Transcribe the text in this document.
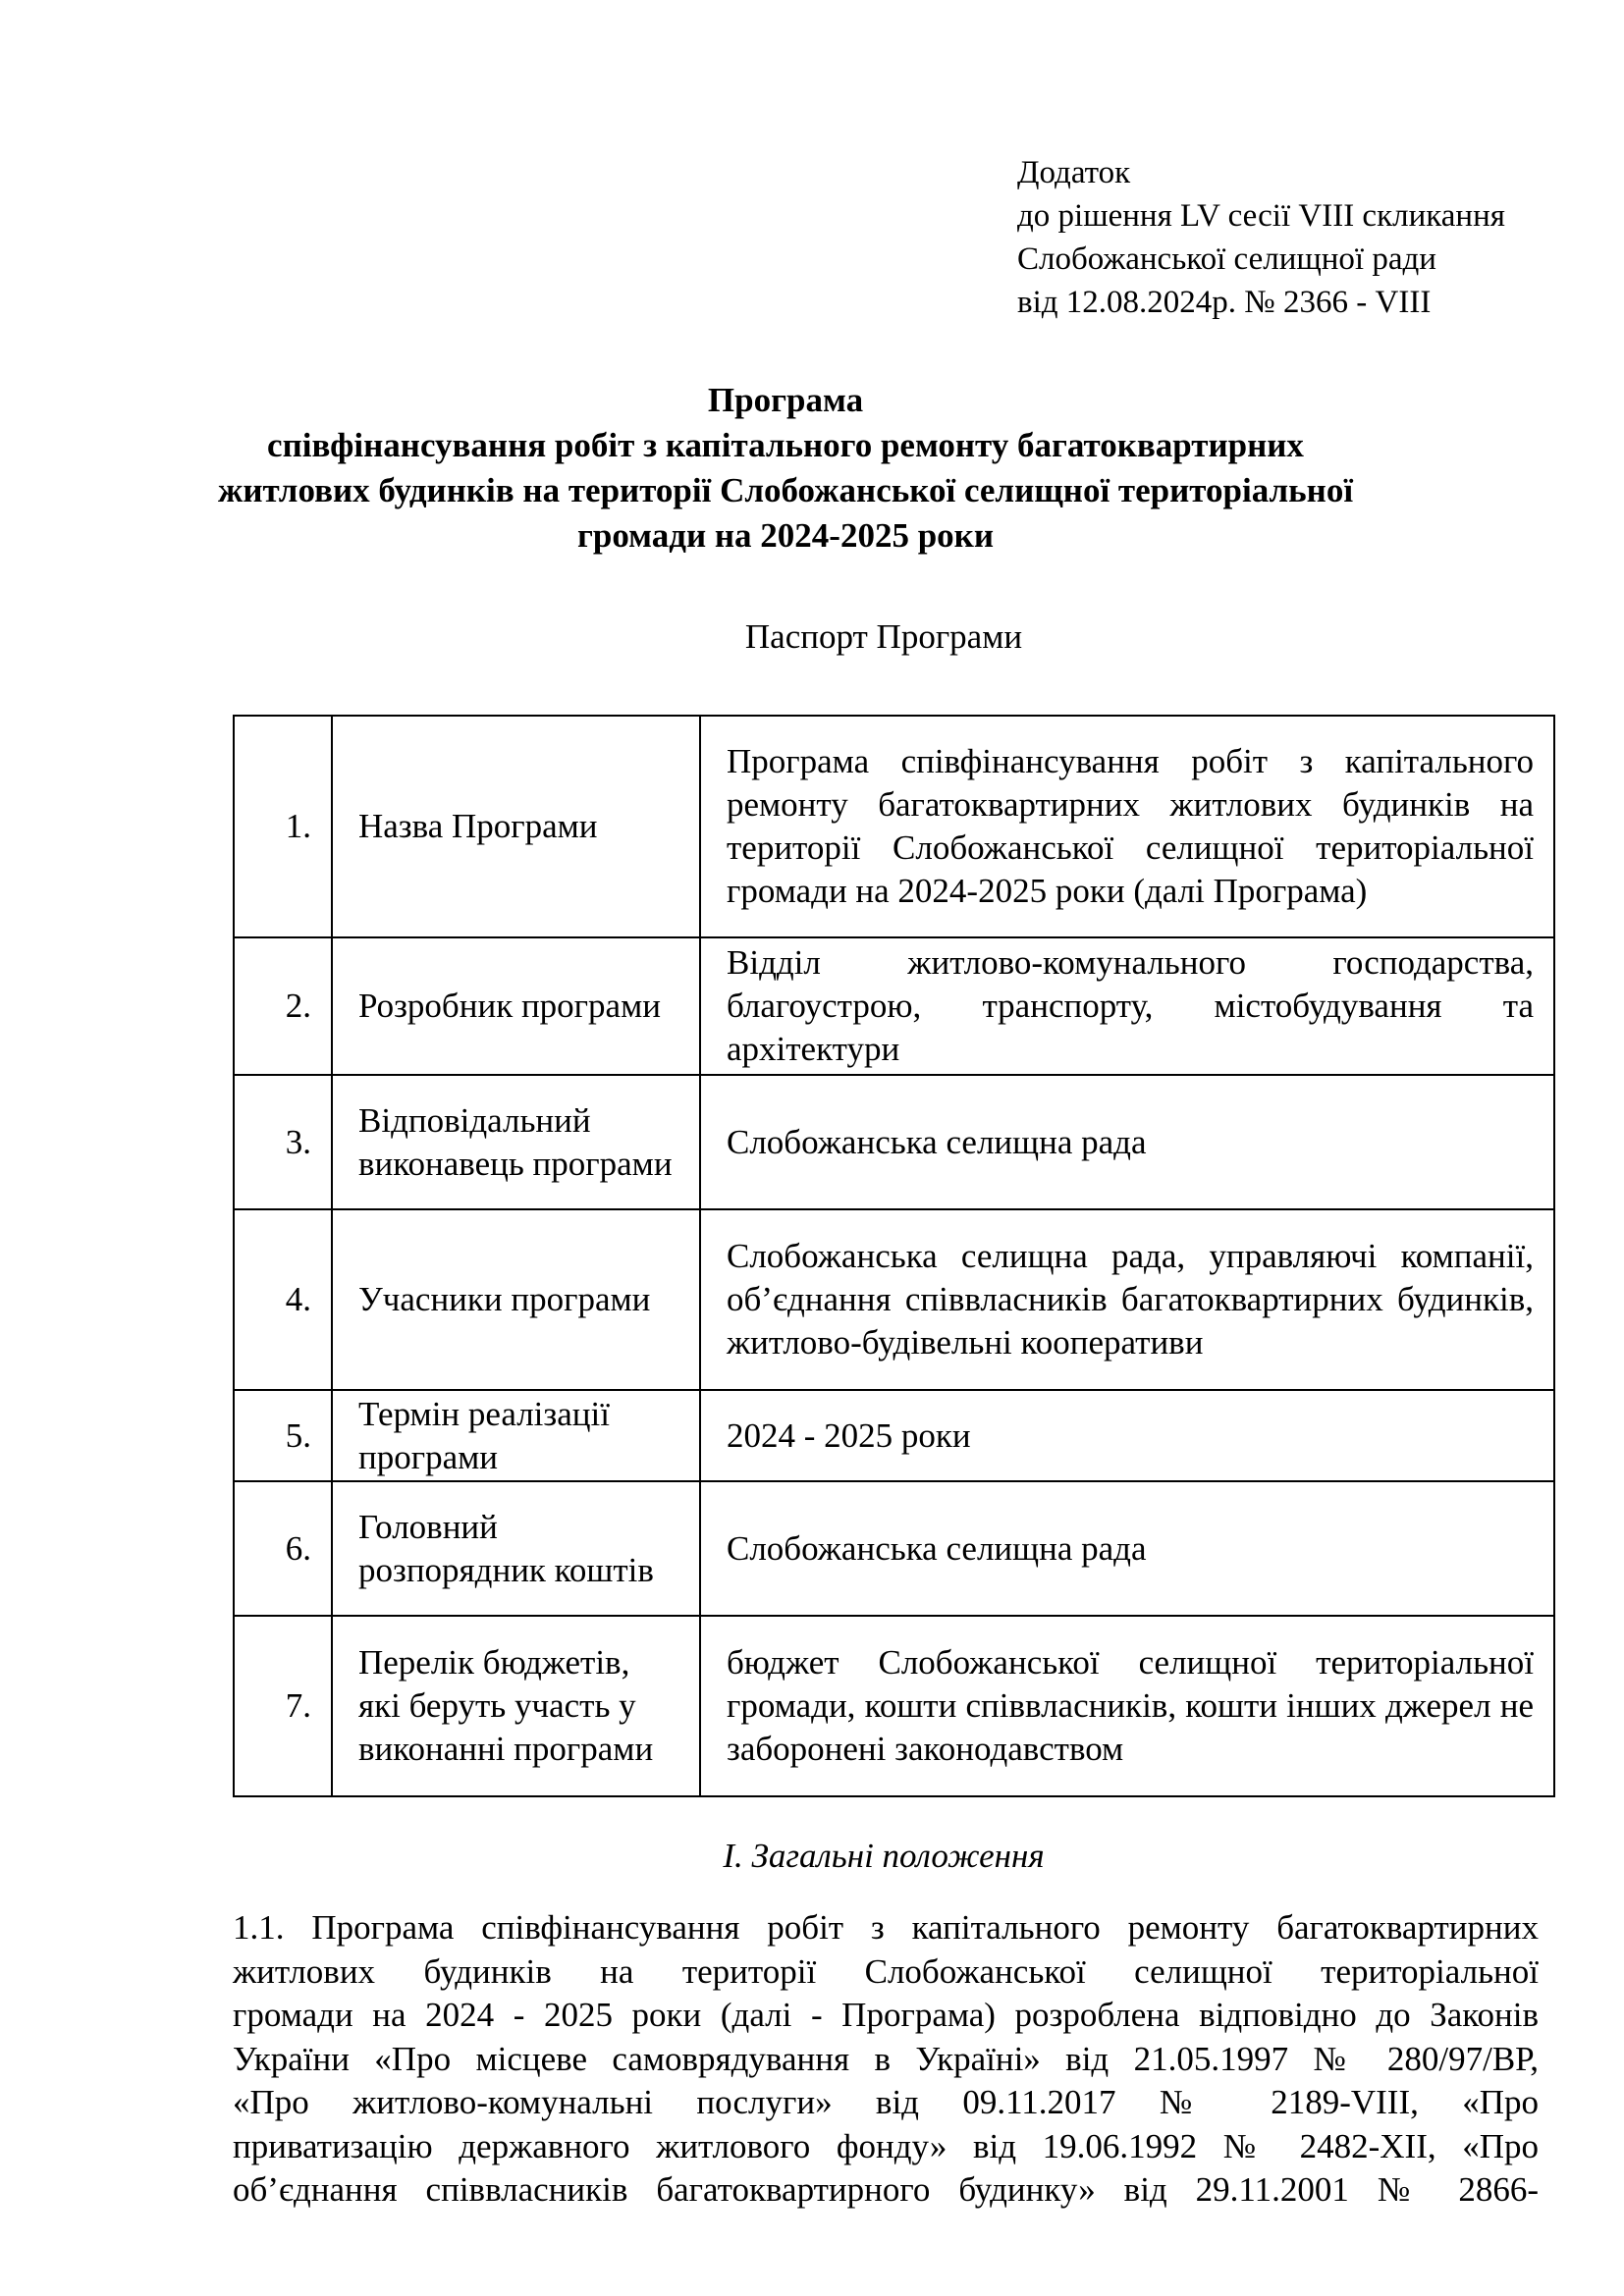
Додаток
до рішення LV сесії VІІІ скликання
Слобожанської селищної ради
від 12.08.2024р. № 2366 - VIII
Програма
співфінансування робіт з капітального ремонту багатоквартирних
житлових будинків на території Слобожанської селищної територіальної
громади на 2024-2025 роки
Паспорт Програми
1.	Назва Програми	Програма співфінансування робіт з капітального ремонту багатоквартирних житлових будинків на території Слобожанської селищної територіальної громади на 2024-2025 роки (далі Програма)
2.	Розробник програми	Відділ житлово-комунального господарства, благоустрою, транспорту, містобудування та архітектури
3.	Відповідальний виконавець програми	Слобожанська селищна рада
4.	Учасники програми	Слобожанська селищна рада, управляючі компанії, об’єднання співвласників багатоквартирних будинків, житлово-будівельні кооперативи
5.	Термін реалізації програми	2024 - 2025 роки
6.	Головний розпорядник коштів	Слобожанська селищна рада
7.	Перелік бюджетів, які беруть участь у виконанні програми	бюджет Слобожанської селищної територіальної громади, кошти співвласників, кошти інших джерел не заборонені законодавством
І. Загальні положення
1.1. Програма співфінансування робіт з капітального ремонту багатоквартирних
житлових будинків на території Слобожанської селищної територіальної
громади на 2024 - 2025 роки (далі - Програма) розроблена відповідно до Законів
України «Про місцеве самоврядування в Україні» від 21.05.1997 № 280/97/ВР,
«Про житлово-комунальні послуги» від 09.11.2017 № 2189-VIII, «Про
приватизацію державного житлового фонду» від 19.06.1992 № 2482-XII, «Про
об’єднання співвласників багатоквартирного будинку» від 29.11.2001 № 2866-
